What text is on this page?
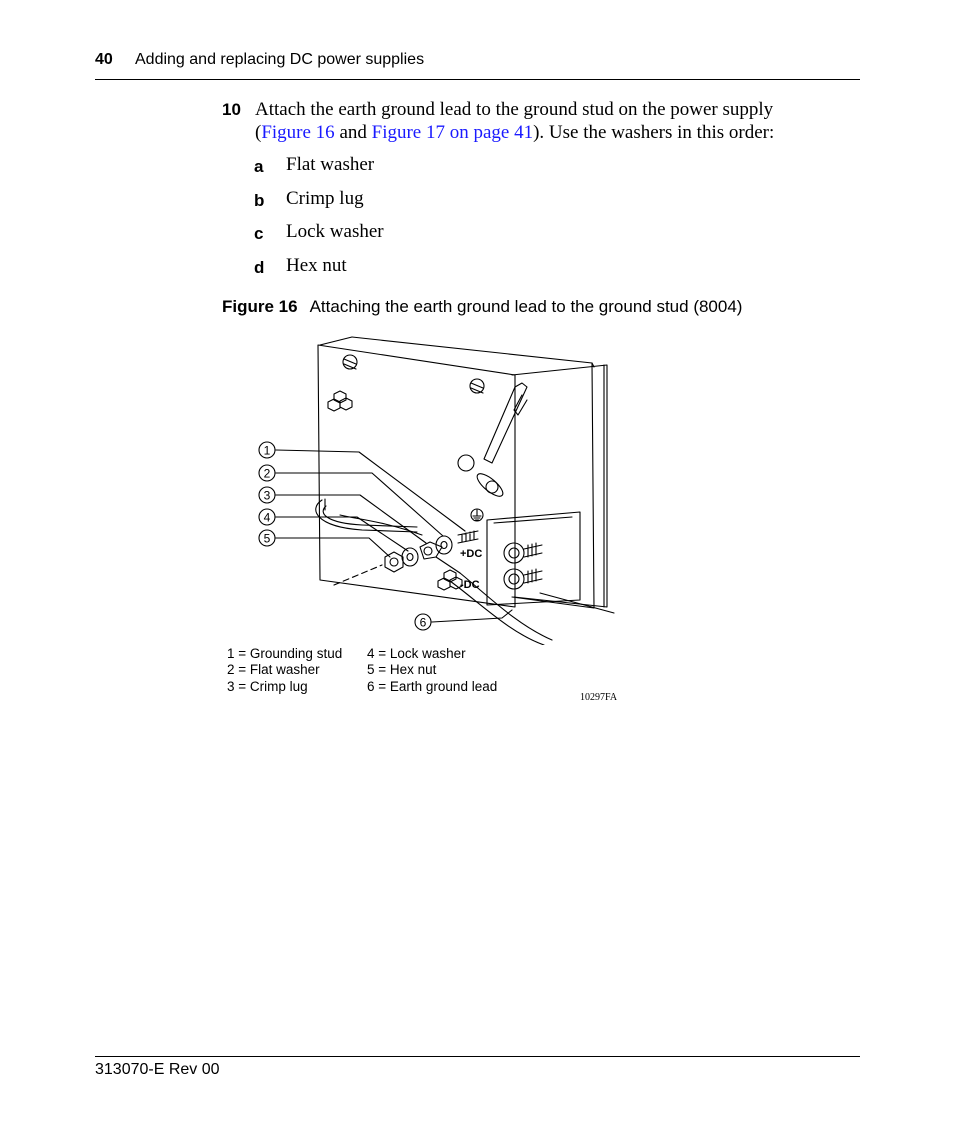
40 Adding and replacing DC power supplies
10 Attach the earth ground lead to the ground stud on the power supply (Figure 16 and Figure 17 on page 41). Use the washers in this order:
a Flat washer
b Crimp lug
c Lock washer
d Hex nut
Figure 16 Attaching the earth ground lead to the ground stud (8004)
1
2
3
4
5
6
+DC
-DC
1 = Grounding stud
2 = Flat washer
3 = Crimp lug
4 = Lock washer
5 = Hex nut
6 = Earth ground lead
10297FA
313070-E Rev 00
